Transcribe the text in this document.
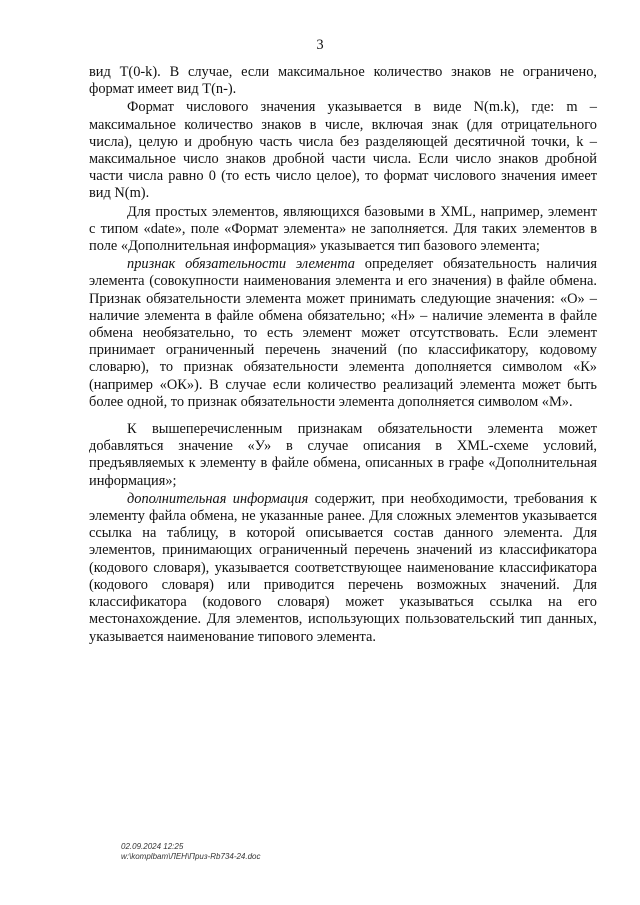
3

вид T(0-k). В случае, если максимальное количество знаков не ограничено, формат имеет вид T(n-).

Формат числового значения указывается в виде N(m.k), где: m – максимальное количество знаков в числе, включая знак (для отрицательного числа), целую и дробную часть числа без разделяющей десятичной точки, k – максимальное число знаков дробной части числа. Если число знаков дробной части числа равно 0 (то есть число целое), то формат числового значения имеет вид N(m).

Для простых элементов, являющихся базовыми в XML, например, элемент с типом «date», поле «Формат элемента» не заполняется. Для таких элементов в поле «Дополнительная информация» указывается тип базового элемента;

признак обязательности элемента определяет обязательность наличия элемента (совокупности наименования элемента и его значения) в файле обмена. Признак обязательности элемента может принимать следующие значения: «О» – наличие элемента в файле обмена обязательно; «Н» – наличие элемента в файле обмена необязательно, то есть элемент может отсутствовать. Если элемент принимает ограниченный перечень значений (по классификатору, кодовому словарю), то признак обязательности элемента дополняется символом «К» (например «ОК»). В случае если количество реализаций элемента может быть более одной, то признак обязательности элемента дополняется символом «М».

К вышеперечисленным признакам обязательности элемента может добавляться значение «У» в случае описания в XML-схеме условий, предъявляемых к элементу в файле обмена, описанных в графе «Дополнительная информация»;

дополнительная информация содержит, при необходимости, требования к элементу файла обмена, не указанные ранее. Для сложных элементов указывается ссылка на таблицу, в которой описывается состав данного элемента. Для элементов, принимающих ограниченный перечень значений из классификатора (кодового словаря), указывается соответствующее наименование классификатора (кодового словаря) или приводится перечень возможных значений. Для классификатора (кодового словаря) может указываться ссылка на его местонахождение. Для элементов, использующих пользовательский тип данных, указывается наименование типового элемента.

02.09.2024 12:25
w:\komplbam\ЛЕН\Приз-Rb734-24.doc
